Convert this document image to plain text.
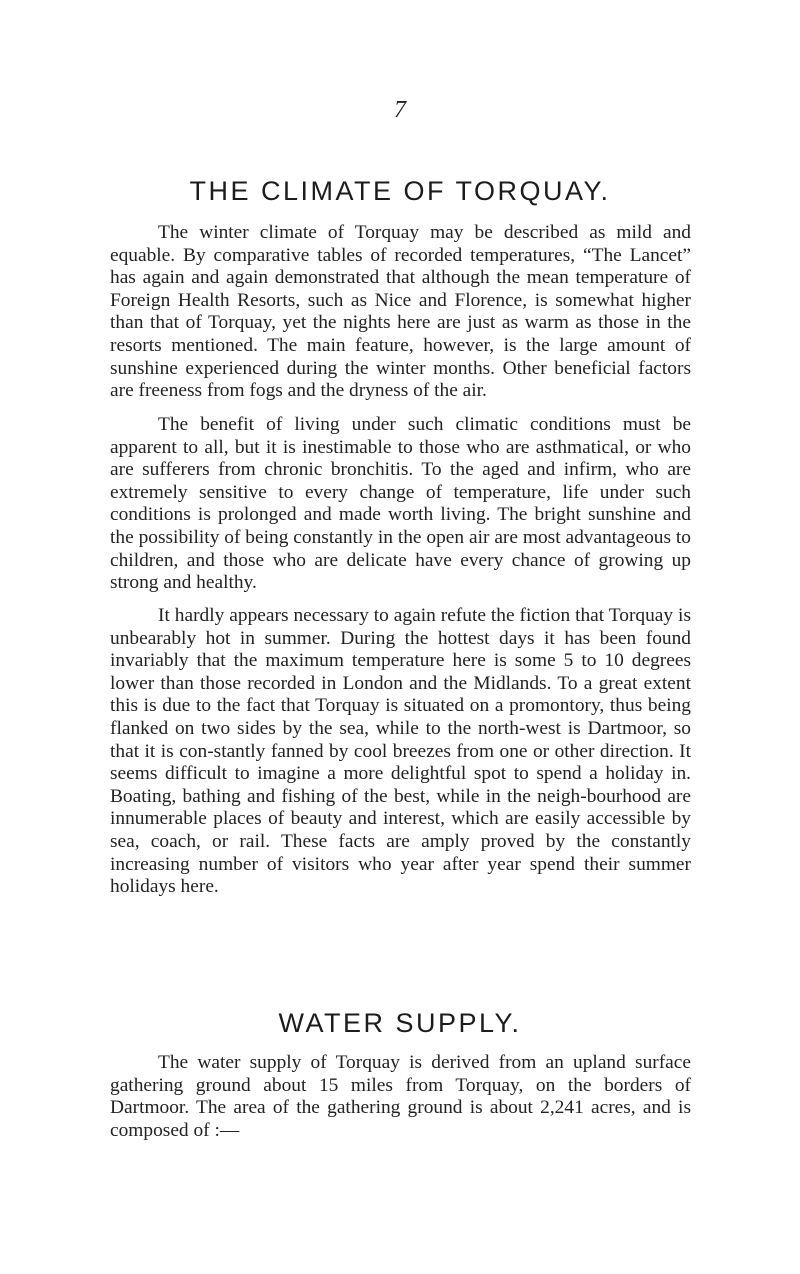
7
THE CLIMATE OF TORQUAY.

The winter climate of Torquay may be described as mild and equable. By comparative tables of recorded temperatures, “The Lancet” has again and again demonstrated that although the mean temperature of Foreign Health Resorts, such as Nice and Florence, is somewhat higher than that of Torquay, yet the nights here are just as warm as those in the resorts mentioned. The main feature, however, is the large amount of sunshine experienced during the winter months. Other beneficial factors are freeness from fogs and the dryness of the air.

The benefit of living under such climatic conditions must be apparent to all, but it is inestimable to those who are asthmatical, or who are sufferers from chronic bronchitis. To the aged and infirm, who are extremely sensitive to every change of temperature, life under such conditions is prolonged and made worth living. The bright sunshine and the possibility of being constantly in the open air are most advantageous to children, and those who are delicate have every chance of growing up strong and healthy.

It hardly appears necessary to again refute the fiction that Torquay is unbearably hot in summer. During the hottest days it has been found invariably that the maximum temperature here is some 5 to 10 degrees lower than those recorded in London and the Midlands. To a great extent this is due to the fact that Torquay is situated on a promontory, thus being flanked on two sides by the sea, while to the north-west is Dartmoor, so that it is con-stantly fanned by cool breezes from one or other direction. It seems difficult to imagine a more delightful spot to spend a holiday in. Boating, bathing and fishing of the best, while in the neigh-bourhood are innumerable places of beauty and interest, which are easily accessible by sea, coach, or rail. These facts are amply proved by the constantly increasing number of visitors who year after year spend their summer holidays here.

WATER SUPPLY.

The water supply of Torquay is derived from an upland surface gathering ground about 15 miles from Torquay, on the borders of Dartmoor. The area of the gathering ground is about 2,241 acres, and is composed of :—
